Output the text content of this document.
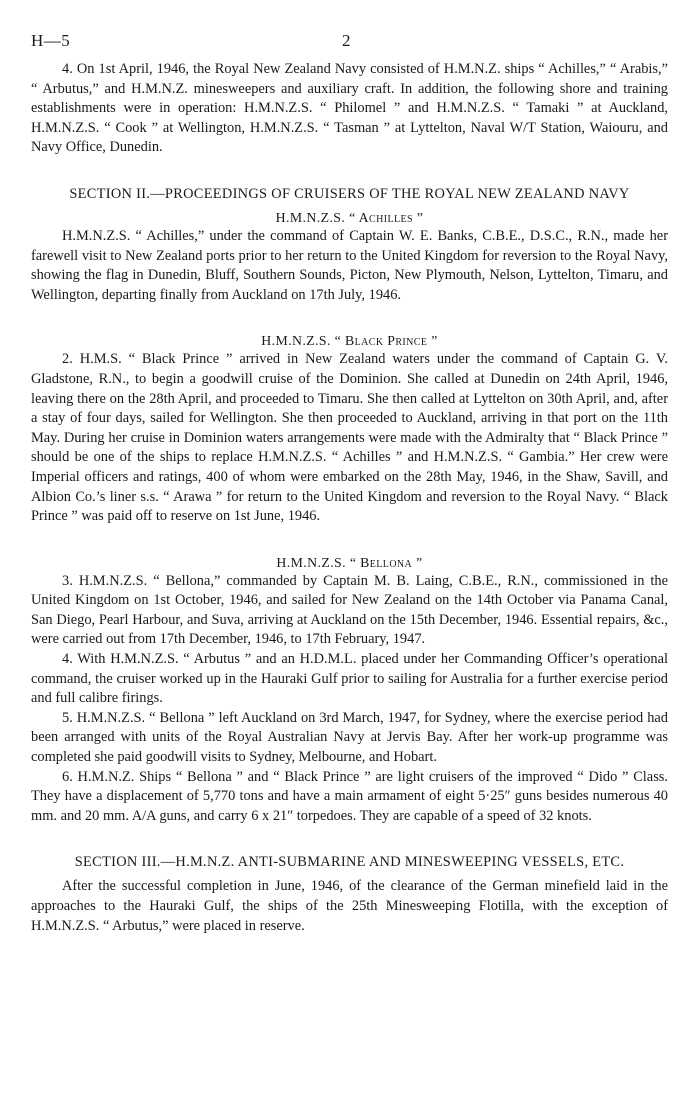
H—5	2

4. On 1st April, 1946, the Royal New Zealand Navy consisted of H.M.N.Z. ships “ Achilles,” “ Arabis,” “ Arbutus,” and H.M.N.Z. minesweepers and auxiliary craft. In addition, the following shore and training establishments were in operation: H.M.N.Z.S. “ Philomel ” and H.M.N.Z.S. “ Tamaki ” at Auckland, H.M.N.Z.S. “ Cook ” at Wellington, H.M.N.Z.S. “ Tasman ” at Lyttelton, Naval W/T Station, Waiouru, and Navy Office, Dunedin.

SECTION II.—PROCEEDINGS OF CRUISERS OF THE ROYAL NEW ZEALAND NAVY
H.M.N.Z.S. “ Achilles ”

H.M.N.Z.S. “ Achilles,” under the command of Captain W. E. Banks, C.B.E., D.S.C., R.N., made her farewell visit to New Zealand ports prior to her return to the United Kingdom for reversion to the Royal Navy, showing the flag in Dunedin, Bluff, Southern Sounds, Picton, New Plymouth, Nelson, Lyttelton, Timaru, and Wellington, departing finally from Auckland on 17th July, 1946.

H.M.N.Z.S. “ Black Prince ”

2. H.M.S. “ Black Prince ” arrived in New Zealand waters under the command of Captain G. V. Gladstone, R.N., to begin a goodwill cruise of the Dominion. She called at Dunedin on 24th April, 1946, leaving there on the 28th April, and proceeded to Timaru. She then called at Lyttelton on 30th April, and, after a stay of four days, sailed for Wellington. She then proceeded to Auckland, arriving in that port on the 11th May. During her cruise in Dominion waters arrangements were made with the Admiralty that “ Black Prince ” should be one of the ships to replace H.M.N.Z.S. “ Achilles ” and H.M.N.Z.S. “ Gambia.” Her crew were Imperial officers and ratings, 400 of whom were embarked on the 28th May, 1946, in the Shaw, Savill, and Albion Co.’s liner s.s. “ Arawa ” for return to the United Kingdom and reversion to the Royal Navy. “ Black Prince ” was paid off to reserve on 1st June, 1946.

H.M.N.Z.S. “ Bellona ”

3. H.M.N.Z.S. “ Bellona,” commanded by Captain M. B. Laing, C.B.E., R.N., commissioned in the United Kingdom on 1st October, 1946, and sailed for New Zealand on the 14th October via Panama Canal, San Diego, Pearl Harbour, and Suva, arriving at Auckland on the 15th December, 1946. Essential repairs, &c., were carried out from 17th December, 1946, to 17th February, 1947.

4. With H.M.N.Z.S. “ Arbutus ” and an H.D.M.L. placed under her Commanding Officer’s operational command, the cruiser worked up in the Hauraki Gulf prior to sailing for Australia for a further exercise period and full calibre firings.

5. H.M.N.Z.S. “ Bellona ” left Auckland on 3rd March, 1947, for Sydney, where the exercise period had been arranged with units of the Royal Australian Navy at Jervis Bay. After her work-up programme was completed she paid goodwill visits to Sydney, Melbourne, and Hobart.

6. H.M.N.Z. Ships “ Bellona ” and “ Black Prince ” are light cruisers of the improved “ Dido ” Class. They have a displacement of 5,770 tons and have a main armament of eight 5·25″ guns besides numerous 40 mm. and 20 mm. A/A guns, and carry 6 x 21″ torpedoes. They are capable of a speed of 32 knots.

SECTION III.—H.M.N.Z. ANTI-SUBMARINE AND MINESWEEPING VESSELS, ETC.

After the successful completion in June, 1946, of the clearance of the German minefield laid in the approaches to the Hauraki Gulf, the ships of the 25th Minesweeping Flotilla, with the exception of H.M.N.Z.S. “ Arbutus,” were placed in reserve.
